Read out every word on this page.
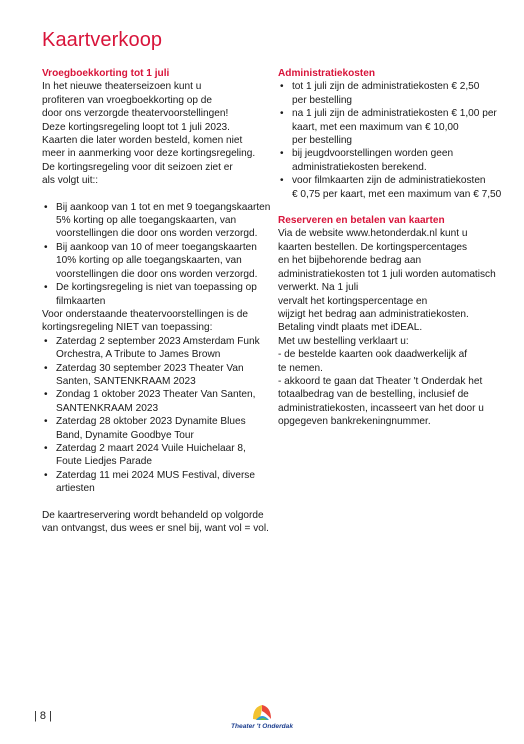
Kaartverkoop
Vroegboekkorting tot 1 juli
In het nieuwe theaterseizoen kunt u
profiteren van vroegboekkorting op de
door ons verzorgde theatervoorstellingen!
Deze kortingsregeling loopt tot 1 juli 2023.
Kaarten die later worden besteld, komen niet
meer in aanmerking voor deze kortingsregeling.
De kortingsregeling voor dit seizoen ziet er
als volgt uit::
• Bij aankoop van 1 tot en met 9 toegangskaarten
5% korting op alle toegangskaarten, van
voorstellingen die door ons worden verzorgd.
• Bij aankoop van 10 of meer toegangskaarten
10% korting op alle toegangskaarten, van
voorstellingen die door ons worden verzorgd.
• De kortingsregeling is niet van toepassing op
filmkaarten
Voor onderstaande theatervoorstellingen is de
kortingsregeling NIET van toepassing:
• Zaterdag 2 september 2023 Amsterdam Funk
Orchestra, A Tribute to James Brown
• Zaterdag 30 september 2023 Theater Van
Santen, SANTENKRAAM 2023
• Zondag 1 oktober 2023 Theater Van Santen,
SANTENKRAAM 2023
• Zaterdag 28 oktober 2023 Dynamite Blues
Band, Dynamite Goodbye Tour
• Zaterdag 2 maart 2024 Vuile Huichelaar 8,
Foute Liedjes Parade
• Zaterdag 11 mei 2024 MUS Festival, diverse
artiesten
De kaartreservering wordt behandeld op volgorde
van ontvangst, dus wees er snel bij, want vol = vol.
Administratiekosten
• tot 1 juli zijn de administratiekosten € 2,50
per bestelling
• na 1 juli zijn de administratiekosten € 1,00 per
kaart, met een maximum van € 10,00
per bestelling
• bij jeugdvoorstellingen worden geen
administratiekosten berekend.
• voor filmkaarten zijn de administratiekosten
€ 0,75 per kaart, met een maximum van € 7,50
Reserveren en betalen van kaarten
Via de website www.hetonderdak.nl kunt u
kaarten bestellen. De kortingspercentages
en het bijbehorende bedrag aan
administratiekosten tot 1 juli worden automatisch
verwerkt. Na 1 juli
vervalt het kortingspercentage en
wijzigt het bedrag aan administratiekosten.
Betaling vindt plaats met iDEAL.
Met uw bestelling verklaart u:
- de bestelde kaarten ook daadwerkelijk af
te nemen.
- akkoord te gaan dat Theater 't Onderdak het
totaalbedrag van de bestelling, inclusief de
administratiekosten, incasseert van het door u
opgegeven bankrekeningnummer.
| 8 |
Theater 't Onderdak
